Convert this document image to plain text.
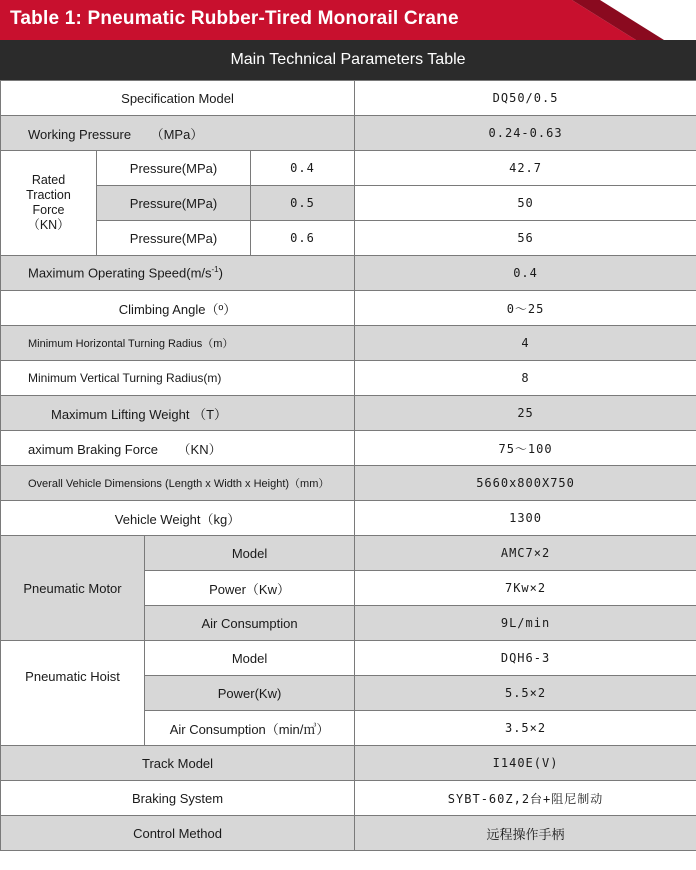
Table 1: Pneumatic Rubber-Tired Monorail Crane
Main Technical Parameters Table
Specification Model				DQ50/0.5
Working Pressure　　（MPa）				0.24-0.63

Rated
Traction
Force
（KN）	Pressure(MPa)		0.4	42.7
	Pressure(MPa)		0.5	50
	Pressure(MPa)		0.6	56
Maximum Operating $Speed(m/s^{-1})$				0.4
Climbing Angle（º）				0～25
Minimum Horizontal Turning Radius（m）				4
Minimum Vertical Turning Radius(m)				8
Maximum Lifting Weight （T）				25
aximum Braking Force　　（KN）				75～100
Overall Vehicle Dimensions (Length x Width x Height)（mm）				5660x800X750
Vehicle Weight（kg）				1300
Pneumatic Motor		Model		AMC7×2
		Power（Kw）		7Kw×2
		Air Consumption		9L/min
Pneumatic Hoist		Model		DQH6-3
		Power(Kw)		5.5×2
		Air Consumption（min/㎥）		3.5×2
Track Model				I140E(V)
Braking System				SYBT-60Z,2台+阻尼制动
Control Method				远程操作手柄
